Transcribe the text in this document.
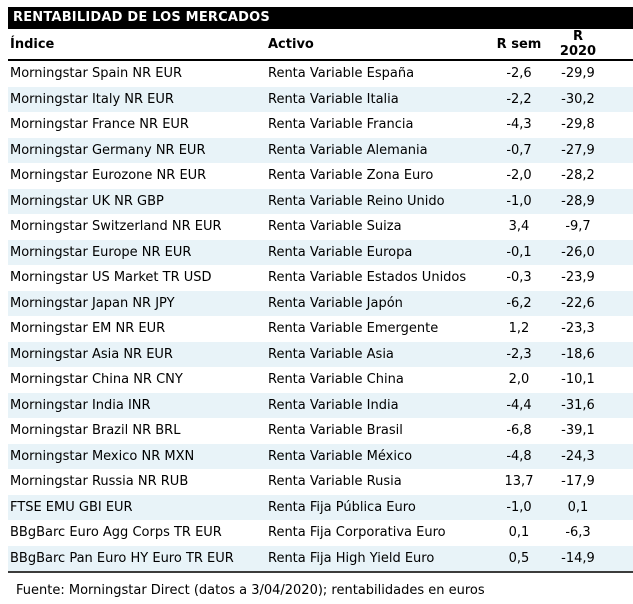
RENTABILIDAD DE LOS MERCADOS
Índice	Activo	R sem	R 2020
Morningstar Spain NR EUR	Renta Variable España	-2,6	-29,9
Morningstar Italy NR EUR	Renta Variable Italia	-2,2	-30,2
Morningstar France NR EUR	Renta Variable Francia	-4,3	-29,8
Morningstar Germany NR EUR	Renta Variable Alemania	-0,7	-27,9
Morningstar Eurozone NR EUR	Renta Variable Zona Euro	-2,0	-28,2
Morningstar UK NR GBP	Renta Variable Reino Unido	-1,0	-28,9
Morningstar Switzerland NR EUR	Renta Variable Suiza	3,4	-9,7
Morningstar Europe NR EUR	Renta Variable Europa	-0,1	-26,0
Morningstar US Market TR USD	Renta Variable Estados Unidos	-0,3	-23,9
Morningstar Japan NR JPY	Renta Variable Japón	-6,2	-22,6
Morningstar EM NR EUR	Renta Variable Emergente	1,2	-23,3
Morningstar Asia NR EUR	Renta Variable Asia	-2,3	-18,6
Morningstar China NR CNY	Renta Variable China	2,0	-10,1
Morningstar India INR	Renta Variable India	-4,4	-31,6
Morningstar Brazil NR BRL	Renta Variable Brasil	-6,8	-39,1
Morningstar Mexico NR MXN	Renta Variable México	-4,8	-24,3
Morningstar Russia NR RUB	Renta Variable Rusia	13,7	-17,9
FTSE EMU GBI EUR	Renta Fija Pública Euro	-1,0	0,1
BBgBarc Euro Agg Corps TR EUR	Renta Fija Corporativa Euro	0,1	-6,3
BBgBarc Pan Euro HY Euro TR EUR	Renta Fija High Yield Euro	0,5	-14,9
Fuente: Morningstar Direct (datos a 3/04/2020); rentabilidades en euros
